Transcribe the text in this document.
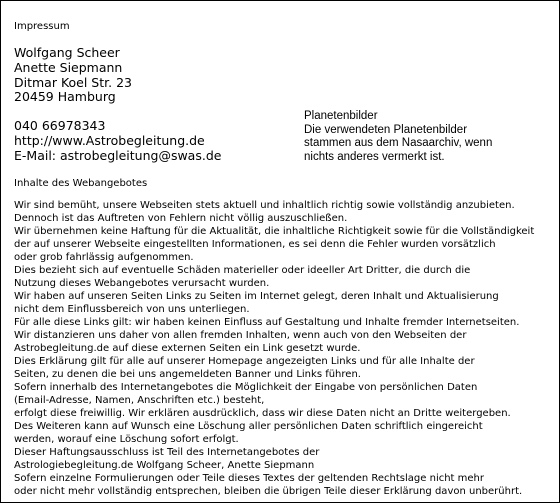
Impressum
Wolfgang Scheer
Anette Siepmann
Ditmar Koel Str. 23
20459 Hamburg
040 66978343
http://www.Astrobegleitung.de
E-Mail: astrobegleitung@swas.de
Planetenbilder
Die verwendeten Planetenbilder
stammen aus dem Nasaarchiv, wenn
nichts anderes vermerkt ist.
Inhalte des Webangebotes
Wir sind bemüht, unsere Webseiten stets aktuell und inhaltlich richtig sowie vollständig anzubieten.
Dennoch ist das Auftreten von Fehlern nicht völlig auszuschließen.
Wir übernehmen keine Haftung für die Aktualität, die inhaltliche Richtigkeit sowie für die Vollständigkeit
der auf unserer Webseite eingestellten Informationen, es sei denn die Fehler wurden vorsätzlich
oder grob fahrlässig aufgenommen.
Dies bezieht sich auf eventuelle Schäden materieller oder ideeller Art Dritter, die durch die
Nutzung dieses Webangebotes verursacht wurden.
Wir haben auf unseren Seiten Links zu Seiten im Internet gelegt, deren Inhalt und Aktualisierung
nicht dem Einflussbereich von uns unterliegen.
Für alle diese Links gilt: wir haben keinen Einfluss auf Gestaltung und Inhalte fremder Internetseiten.
Wir distanzieren uns daher von allen fremden Inhalten, wenn auch von den Webseiten der
Astrobegleitung.de auf diese externen Seiten ein Link gesetzt wurde.
Dies Erklärung gilt für alle auf unserer Homepage angezeigten Links und für alle Inhalte der
Seiten, zu denen die bei uns angemeldeten Banner und Links führen.
Sofern innerhalb des Internetangebotes die Möglichkeit der Eingabe von persönlichen Daten
(Email-Adresse, Namen, Anschriften etc.) besteht,
erfolgt diese freiwillig. Wir erklären ausdrücklich, dass wir diese Daten nicht an Dritte weitergeben.
Des Weiteren kann auf Wunsch eine Löschung aller persönlichen Daten schriftlich eingereicht
werden, worauf eine Löschung sofort erfolgt.
Dieser Haftungsausschluss ist Teil des Internetangebotes der
Astrologiebegleitung.de Wolfgang Scheer, Anette Siepmann
Sofern einzelne Formulierungen oder Teile dieses Textes der geltenden Rechtslage nicht mehr
oder nicht mehr vollständig entsprechen, bleiben die übrigen Teile dieser Erklärung davon unberührt.
